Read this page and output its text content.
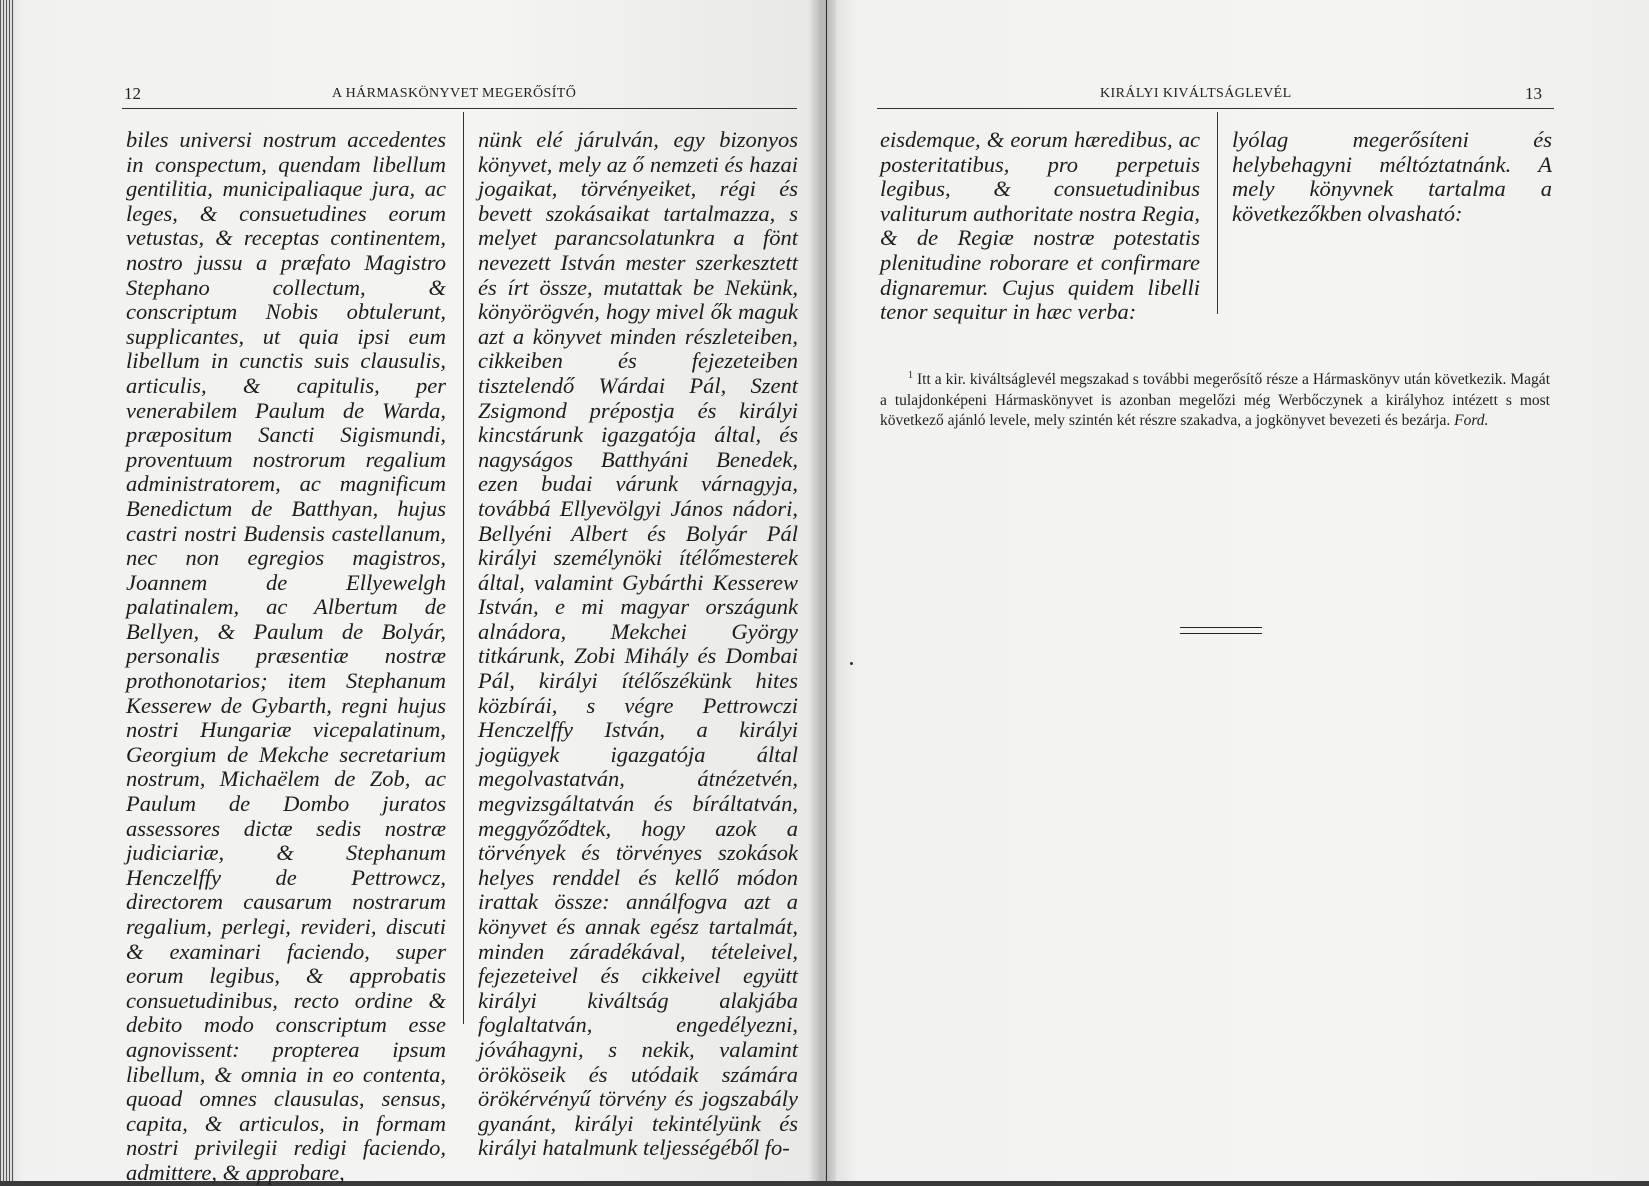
12	A HÁRMASKÖNYVET MEGERŐSÍTŐ

biles universi nostrum accedentes in conspectum, quendam libellum gentilitia, municipaliaque jura, ac leges, & consuetudines eorum vetustas, & receptas continentem, nostro jussu a præfato Magistro Stephano collectum, & conscriptum Nobis obtulerunt, supplicantes, ut quia ipsi eum libellum in cunctis suis clausulis, articulis, & capitulis, per venerabilem Paulum de Warda, præpositum Sancti Sigismundi, proventuum nostrorum regalium administratorem, ac magnificum Benedictum de Batthyan, hujus castri nostri Budensis castellanum, nec non egregios magistros, Joannem de Ellyewelgh palatinalem, ac Albertum de Bellyen, & Paulum de Bolyár, personalis præsentiæ nostræ prothonotarios; item Stephanum Kesserew de Gybarth, regni hujus nostri Hungariæ vicepalatinum, Georgium de Mekche secretarium nostrum, Michaëlem de Zob, ac Paulum de Dombo juratos assessores dictæ sedis nostræ judiciariæ, & Stephanum Henczelffy de Pettrowcz, directorem causarum nostrarum regalium, perlegi, revideri, discuti & examinari faciendo, super eorum legibus, & approbatis consuetudinibus, recto ordine & debito modo conscriptum esse agnovissent: propterea ipsum libellum, & omnia in eo contenta, quoad omnes clausulas, sensus, capita, & articulos, in formam nostri privilegii redigi faciendo, admittere, & approbare,

nünk elé járulván, egy bizonyos könyvet, mely az ő nemzeti és hazai jogaikat, törvényeiket, régi és bevett szokásaikat tartalmazza, s melyet parancsolatunkra a fönt nevezett István mester szerkesztett és írt össze, mutattak be Nekünk, könyörögvén, hogy mivel ők maguk azt a könyvet minden részleteiben, cikkeiben és fejezeteiben tisztelendő Wárdai Pál, Szent Zsigmond prépostja és királyi kincstárunk igazgatója által, és nagyságos Batthyáni Benedek, ezen budai várunk várnagyja, továbbá Ellyevölgyi János nádori, Bellyéni Albert és Bolyár Pál királyi személynöki ítélőmesterek által, valamint Gybárthi Kesserew István, e mi magyar országunk alnádora, Mekchei György titkárunk, Zobi Mihály és Dombai Pál, királyi ítélőszékünk hites közbírái, s végre Pettrowczi Henczelffy István, a királyi jogügyek igazgatója által megolvastatván, átnézetvén, megvizsgáltatván és bíráltatván, meggyőződtek, hogy azok a törvények és törvényes szokások helyes renddel és kellő módon irattak össze: annálfogva azt a könyvet és annak egész tartalmát, minden záradékával, tételeivel, fejezeteivel és cikkeivel együtt királyi kiváltság alakjába foglaltatván, engedélyezni, jóváhagyni, s nekik, valamint örököseik és utódaik számára örökérvényű törvény és jogszabály gyanánt, királyi tekintélyünk és királyi hatalmunk teljességéből fo-

KIRÁLYI KIVÁLTSÁGLEVÉL	13

eisdemque, & eorum hæredibus, ac posteritatibus, pro perpetuis legibus, & consuetudinibus valiturum authoritate nostra Regia, & de Regiæ nostræ potestatis plenitudine roborare et confirmare dignaremur. Cujus quidem libelli tenor sequitur in hæc verba:

lyólag megerősíteni és helybehagyni méltóztatnánk. A mely könyvnek tartalma a következőkben olvasható:

$^1$ Itt a kir. kiváltságlevél megszakad s további megerősítő része a Hármaskönyv után következik. Magát a tulajdonképeni Hármaskönyvet is azonban megelőzi még Werbőczynek a királyhoz intézett s most következő ajánló levele, mely szintén két részre szakadva, a jogkönyvet bevezeti és bezárja. Ford.
